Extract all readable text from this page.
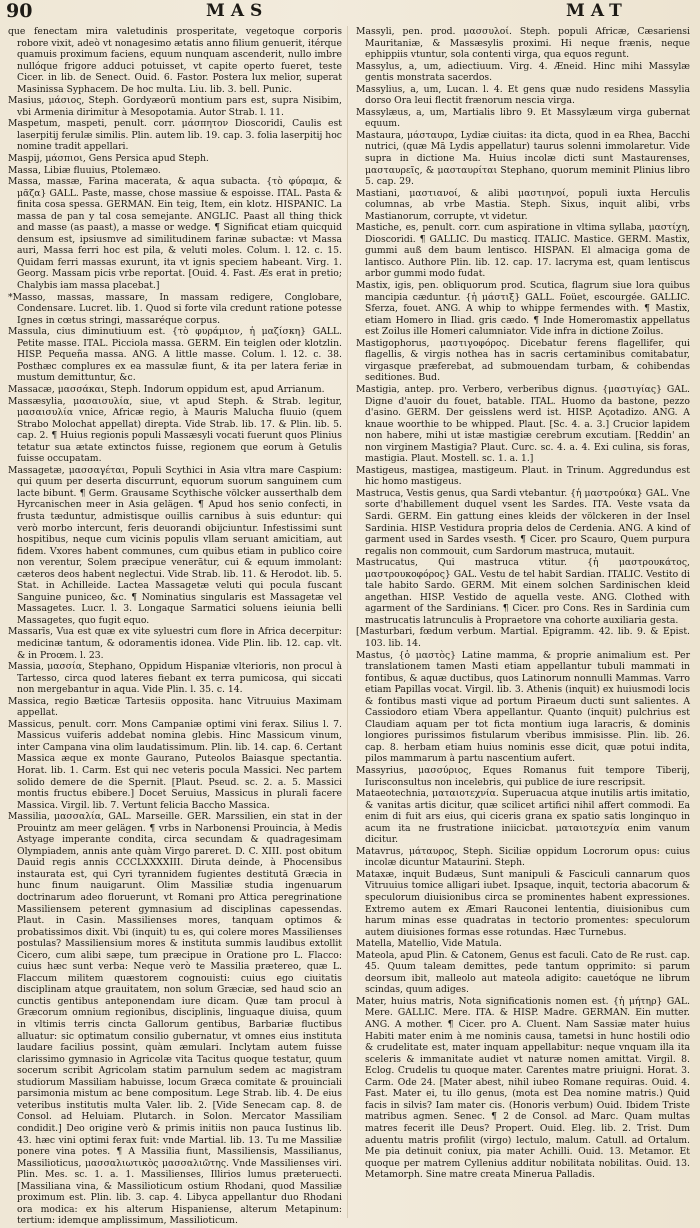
90	MAS	MAT

que fenectam mira valetudinis prosperitate, vegetoque corporis robore vixit, adeò vt nonagesimo ætatis anno filium genuerit, itérque quamuis proximum faciens, equum nunquam ascenderit, nullo imbre nullóque frigore adduci potuisset, vt capite operto fueret, teste Cicer. in lib. de Senect. Ouid. 6. Fastor. Postera lux melior, superat Masinissa Syphacem. De hoc multa. Liu. lib. 3. bell. Punic.

Masius, μάσιος, Steph. Gordyæorū montium pars est, supra Nisibim, vbi Armenia dirimitur à Mesopotamia. Autor Strab. l. 11.

Maspetum, maspeti, penult. corr. μάσπητον Dioscoridi, Caulis est laserpitij ferulæ similis. Plin. autem lib. 19. cap. 3. folia laserpitij hoc nomine tradit appellari.

Maspij, μάσπιοι, Gens Persica apud Steph.

Massa, Libiæ fluuius, Ptolemæo.

Massa, massæ, Farina macerata, & aqua subacta. {τὸ φύραμα, & μᾶζα} GALL. Paste, masse, chose massiue & espoisse. ITAL. Pasta & finita cosa spessa. GERMAN. Ein teig, Item, ein klotz. HISPANIC. La massa de pan y tal cosa semejante. ANGLIC. Paast all thing thick and masse (as paast), a masse or wedge. ¶ Significat etiam quicquid densum est, ipsiusmve ad similitudinem farinæ subactæ: vt Massa auri, Massa ferri hoc est pila, & veluti moles. Colum. l. 12. c. 15. Quidam ferri massas exurunt, ita vt ignis speciem habeant. Virg. 1. Georg. Massam picis vrbe reportat. [Ouid. 4. Fast. Æs erat in pretio; Chalybis iam massa placebat.]

*Masso, massas, massare, In massam redigere, Conglobare, Condensare. Lucret. lib. 1. Quod si forte vila credunt ratione potesse Ignes in cœtus stringi, massaréque corpus.

Massula, cius diminutiuum est. {τὸ φυράμιον, ἡ μαζίσκη} GALL. Petite masse. ITAL. Picciola massa. GERM. Ein teiglen oder klotzlin. HISP. Pequeña massa. ANG. A little masse. Colum. l. 12. c. 38. Posthæc complures ex ea massulæ fiunt, & ita per latera feriæ in mustum demittuntur, &c.

Massacæ, μασσάκαι, Steph. Indorum oppidum est, apud Arrianum.

Massæsylia, μασαισυλία, siue, vt apud Steph. & Strab. legitur, μασαισυλία vnice, Africæ regio, à Mauris Malucha fluuio (quem Strabo Molochat appellat) direpta. Vide Strab. lib. 17. & Plin. lib. 5. cap. 2. ¶ Huius regionis populi Massæsyli vocati fuerunt quos Plinius tetatur sua ætate extinctos fuisse, regionem que eorum à Getulis fuisse occupatam.

Massagetæ, μασσαγέται, Populi Scythici in Asia vltra mare Caspium: qui quum per deserta discurrunt, equorum suorum sanguinem cum lacte bibunt. ¶ Germ. Grausame Scythische völcker ausserthalb dem Hyrcanischen meer in Asia gelägen. ¶ Apud hos senio confecti, in frusta tæduntur, admistisque ouillis carnibus à suis eduntur: qui verò morbo intercunt, feris deuorandi obijciuntur. Infestissimi sunt hospitibus, neque cum vicinis populis vllam seruant amicitiam, aut fidem. Vxores habent communes, cum quibus etiam in publico coire non verentur, Solem præcipue venerātur, cui & equum immolant: cæteros deos habent neglectui. Vide Strab. lib. 11. & Herodot. lib. 5. Stat. in Achilleide. Lactea Massagetæ veluti qui pocula fuscant Sanguine puniceo, &c. ¶ Nominatius singularis est Massagetæ vel Massagetes. Lucr. l. 3. Longaque Sarmatici soluens ieiunia belli Massagetes, quo fugit equo.

Massarīs, Vua est quæ ex vite syluestri cum flore in Africa decerpitur: medicinæ tantum, & odoramentis idonea. Vide Plin. lib. 12. cap. vlt. & in Proœm. l. 23.

Massia, μασσία, Stephano, Oppidum Hispaniæ vlterioris, non procul à Tartesso, circa quod lateres fiebant ex terra pumicosa, qui siccati non mergebantur in aqua. Vide Plin. l. 35. c. 14.

Massica, regio Bæticæ Tartesiis opposita. hanc Vitruuius Maximam appellat.

Massicus, penult. corr. Mons Campaniæ optimi vini ferax. Silius l. 7. Massicus vuiferis addebat nomina glebis. Hinc Massicum vinum, inter Campana vina olim laudatissimum. Plin. lib. 14. cap. 6. Certant Massica æque ex monte Gaurano, Puteolos Baiasque spectantia. Horat. lib. 1. Carm. Est qui nec veteris pocula Massici. Nec partem solido demere de die Spernit. [Plaut. Pseud. sc. 2. a. 5. Massici montis fructus ebibere.] Docet Seruius, Massicus in plurali facere Massica. Virgil. lib. 7. Vertunt felicia Baccho Massica.

Massilia, μασσαλία, GAL. Marseille. GER. Marssilien, ein stat in der Prouintz am meer gelägen. ¶ vrbs in Narbonensi Prouincia, à Medis Astyage imperante condita, circa secundam & quadragesimam Olympiadem, annis ante quàm Virgo pareret. D. C. XIII. post obitum Dauid regis annis CCCLXXXXIII. Diruta deinde, à Phocensibus instaurata est, qui Cyri tyrannidem fugientes destitutā Græcia in hunc finum nauigarunt. Olim Massiliæ studia ingenuarum doctrinarum adeo floruerunt, vt Romani pro Attica peregrinatione Massiliensem peterent gymnasium ad disciplinas capessendas. Plaut. in Casin. Massilienses mores, tanquam optimos & probatissimos dixit. Vbi (inquit) tu es, qui colere mores Massilienses postulas? Massiliensium mores & instituta summis laudibus extollit Cicero, cum alibi sæpe, tum præcipue in Oratione pro L. Flacco: cuius hæc sunt verba: Neque verò te Massilia prætereo, quæ L. Flaccum militem quæstorem cognouisti: cuius ego ciuitatis disciplinam atque grauitatem, non solum Græciæ, sed haud scio an cunctis gentibus anteponendam iure dicam. Quæ tam procul à Græcorum omnium regionibus, disciplinis, linguaque diuisa, quum in vltimis terris cincta Gallorum gentibus, Barbariæ fluctibus alluatur: sic optimatum consilio gubernatur, vt omnes eius instituta laudare facilius possint, quàm æmulari. Inclytam autem fuisse clarissimo gymnasio in Agricolæ vita Tacitus quoque testatur, quum socerum scribit Agricolam statim parnulum sedem ac magistram studiorum Massiliam habuisse, locum Græca comitate & prouinciali parsimonia mistum ac bene compositum. Lege Strab. lib. 4. De eius veteribus institutis multa Valer. lib. 2. [Vide Senecam cap. 8. de Consol. ad Heluiam. Plutarch. in Solon. Mercator Massiliam condidit.] Deo origine verò & primis initiis non pauca Iustinus lib. 43. hæc vini optimi ferax fuit: vnde Martial. lib. 13. Tu me Massiliæ ponere vina potes. ¶ A Massilia fiunt, Massiliensis, Massilianus, Massilioticus, μασσαλιωτικὸς μασσαλιῶτης. Vnde Massilienses viri. Plin. Mes. sc. 1. a. 1. Massilienses, Illirios lumus præteruecti. [Massiliana vina, & Massilioticum ostium Rhodani, quod Massiliæ proximum est. Plin. lib. 3. cap. 4. Libyca appellantur duo Rhodani ora modica: ex his alterum Hispaniense, alterum Metapinum: tertium: idemque amplissimum, Massilioticum.

Massyli, pen. prod. μασσυλοί. Steph. populi Africæ, Cæsariensi Mauritaniæ, & Massæsylis proximi. Hi neque frænis, neque ephippiis vtuntur, sola contenti virga, qua equos regunt.

Massylus, a, um, adiectiuum. Virg. 4. Æneid. Hinc mihi Massylæ gentis monstrata sacerdos.

Massylius, a, um, Lucan. l. 4. Et gens quæ nudo residens Massylia dorso Ora leui flectit frænorum nescia virga.

Massylæus, a, um, Martialis libro 9. Et Massylæum virga gubernat equum.

Mastaura, μάσταυρα, Lydiæ ciuitas: ita dicta, quod in ea Rhea, Bacchi nutrici, (quæ Mā Lydis appellatur) taurus solenni immolaretur. Vide supra in dictione Ma. Huius incolæ dicti sunt Mastaurenses, μασταυρεῖς, & μασταυρίται Stephano, quorum meminit Plinius libro 5. cap. 29.

Mastiani, μαστιανοί, & alibi μαστιηνοί, populi iuxta Herculis columnas, ab vrbe Mastia. Steph. Sixus, inquit alibi, vrbs Mastianorum, corrupte, vt videtur.

Mastiche, es, penult. corr. cum aspiratione in vltima syllaba, μαστίχη, Dioscoridi. ¶ GALLIC. Du masticq. ITALIC. Mastice. GERM. Mastix, gummi auß dem baum lentisco. HISPAN. El almaciga goma de lantisco. Authore Plin. lib. 12. cap. 17. lacryma est, quam lentiscus arbor gummi modo fudat.

Mastix, igis, pen. obliquorum prod. Scutica, flagrum siue lora quibus mancipia cæduntur. {ἡ μάστιξ} GALL. Foüet, escourgée. GALLIC. Sferza, fouet. ANG. A whip to whippe fermendes with. ¶ Mastix, etiam Homero in Iliad. gris cædo. ¶ Inde Homeromastix appellatus est Zoilus ille Homeri calumniator. Vide infra in dictione Zoilus.

Mastigophorus, μαστιγοφόρος. Dicebatur ferens flagellifer, qui flagellis, & virgis nothea has in sacris certaminibus comitabatur, virgasque præferebat, ad submouendam turbam, & cohibendas seditiones. Bud.

Mastigia, antep. pro. Verbero, verberibus dignus. {μαστιγίας} GAL. Digne d'auoir du fouet, batable. ITAL. Huomo da bastone, pezzo d'asino. GERM. Der geisslens werd ist. HISP. Açotadizo. ANG. A knaue woorthie to be whipped. Plaut. [Sc. 4. a. 3.] Crucior lapidem non habere, mihi ut istæ mastigiæ cerebrum excutiam. [Reddin' an non virginem Mastigia? Plaut. Curc. sc. 4. a. 4. Exi culina, sis foras, mastigia. Plaut. Mostell. sc. 1. a. 1.]

Mastigeus, mastigea, mastigeum. Plaut. in Trinum. Aggredundus est hic homo mastigeus.

Mastruca, Vestis genus, qua Sardi vtebantur. {ἡ μαστρούκα} GAL. Vne sorte d'habillement duquel vsent les Sardes. ITA. Veste vsata da Sardi. GERM. Ein gattung eines kleids der völckeren in der Insel Sardinia. HISP. Vestidura propria delos de Cerdenia. ANG. A kind of garment used in Sardes vsesth. ¶ Cicer. pro Scauro, Quem purpura regalis non commouit, cum Sardorum mastruca, mutauit.

Mastrucatus, Qui mastruca vtitur. {ἡ μαστρουκάτος, μαστρουκοφόρος} GAL. Vestu de tel habit Sardian. ITALIC. Vestito di tale habito Sardo. GERM. Mit einem solchen Sardinischen kleid angethan. HISP. Vestido de aquella veste. ANG. Clothed with agarment of the Sardinians. ¶ Cicer. pro Cons. Res in Sardinia cum mastrucatis latrunculis à Propraetore vna cohorte auxiliaria gesta.

[Masturbari, fœdum verbum. Martial. Epigramm. 42. lib. 9. & Epist. 103. lib. 14.

Mastus, {ὁ μαστὸς} Latine mamma, & proprie animalium est. Per translationem tamen Masti etiam appellantur tubuli mammati in fontibus, & aquæ ductibus, quos Latinorum nonnulli Mammas. Varro etiam Papillas vocat. Virgil. lib. 3. Athenis (inquit) ex huiusmodi locis & fontibus masti vique ad portum Piraeum ducti sunt salientes. A Cassiodoro etiam Vbera appellantur. Quanto (inquit) pulchrius est Claudiam aquam per tot ficta montium iuga laracris, & dominis longiores purissimos fistularum vberibus immisisse. Plin. lib. 26. cap. 8. herbam etiam huius nominis esse dicit, quæ potui indita, pilos mammarum à partu nascentium aufert.

Massyrius, μασσύριος, Eques Romanus fuit tempore Tiberij, Iurisconsultus non incelebris, qui publice de iure rescripsit.

Mataeotechnia, ματαιοτεχνία. Superuacua atque inutilis artis imitatio, & vanitas artis dicitur, quæ scilicet artifici nihil affert commodi. Ea enim di fuit ars eius, qui ciceris grana ex spatio satis longinquo in acum ita ne frustratione iniicicbat. ματαιοτεχνία enim vanum dicitur.

Matavrus, μάταυρος, Steph. Siciliæ oppidum Locrorum opus: cuius incolæ dicuntur Mataurini. Steph.

Mataxæ, inquit Budæus, Sunt manipuli & Fasciculi cannarum quos Vitruuius tomice alligari iubet. Ipsaque, inquit, tectoria abacorum & speculorum diuisionibus circa se prominentes habent expressiones. Extremo autem ex Æmari Rauconei lententia, diuisionibus cum harum minas esse quadratas in tectorio promentes: speculorum autem diuisiones formas esse rotundas. Hæc Turnebus.

Matella, Matellio, Vide Matula.

Mateola, apud Plin. & Catonem, Genus est faculi. Cato de Re rust. cap. 45. Quum taleam demittes, pede tantum opprimito: si parum deorsum ibit, malleolo aut mateola adigito: cauetóque ne librum scindas, quum adiges.

Mater, huius matris, Nota significationis nomen est. {ἡ μήτηρ} GAL. Mere. GALLIC. Mere. ITA. & HISP. Madre. GERMAN. Ein mutter. ANG. A mother. ¶ Cicer. pro A. Cluent. Nam Sassiæ mater huius Habiti mater enim à me nominis causa, tametsi in hunc hostili odio & crudelitate est, mater inquam appellabitur: neque vnquam illa ita sceleris & immanitate audiet vt naturæ nomen amittat. Virgil. 8. Eclog. Crudelis tu quoque mater. Carentes matre priuigni. Horat. 3. Carm. Ode 24. [Mater abest, nihil iubeo Romane requiras. Ouid. 4. Fast. Mater ei, tu illo genus, (mota est Dea nomine matris.) Quid facis in silvis? Iam mater cis. (Honoris verbum) Ouid. Ibidem Triste matribus agmen. Senec. ¶ 2 de Consol. ad Marc. Quam multas matres fecerit ille Deus? Propert. Ouid. Eleg. lib. 2. Trist. Dum aduentu matris profilit (virgo) lectulo, malum. Catull. ad Ortalum. Me pia detinuit coniux, pia mater Achilli. Ouid. 13. Metamor. Et quoque per matrem Cyllenius additur nobilitata nobilitas. Ouid. 13. Metamorph. Sine matre creata Minerua Palladis.
